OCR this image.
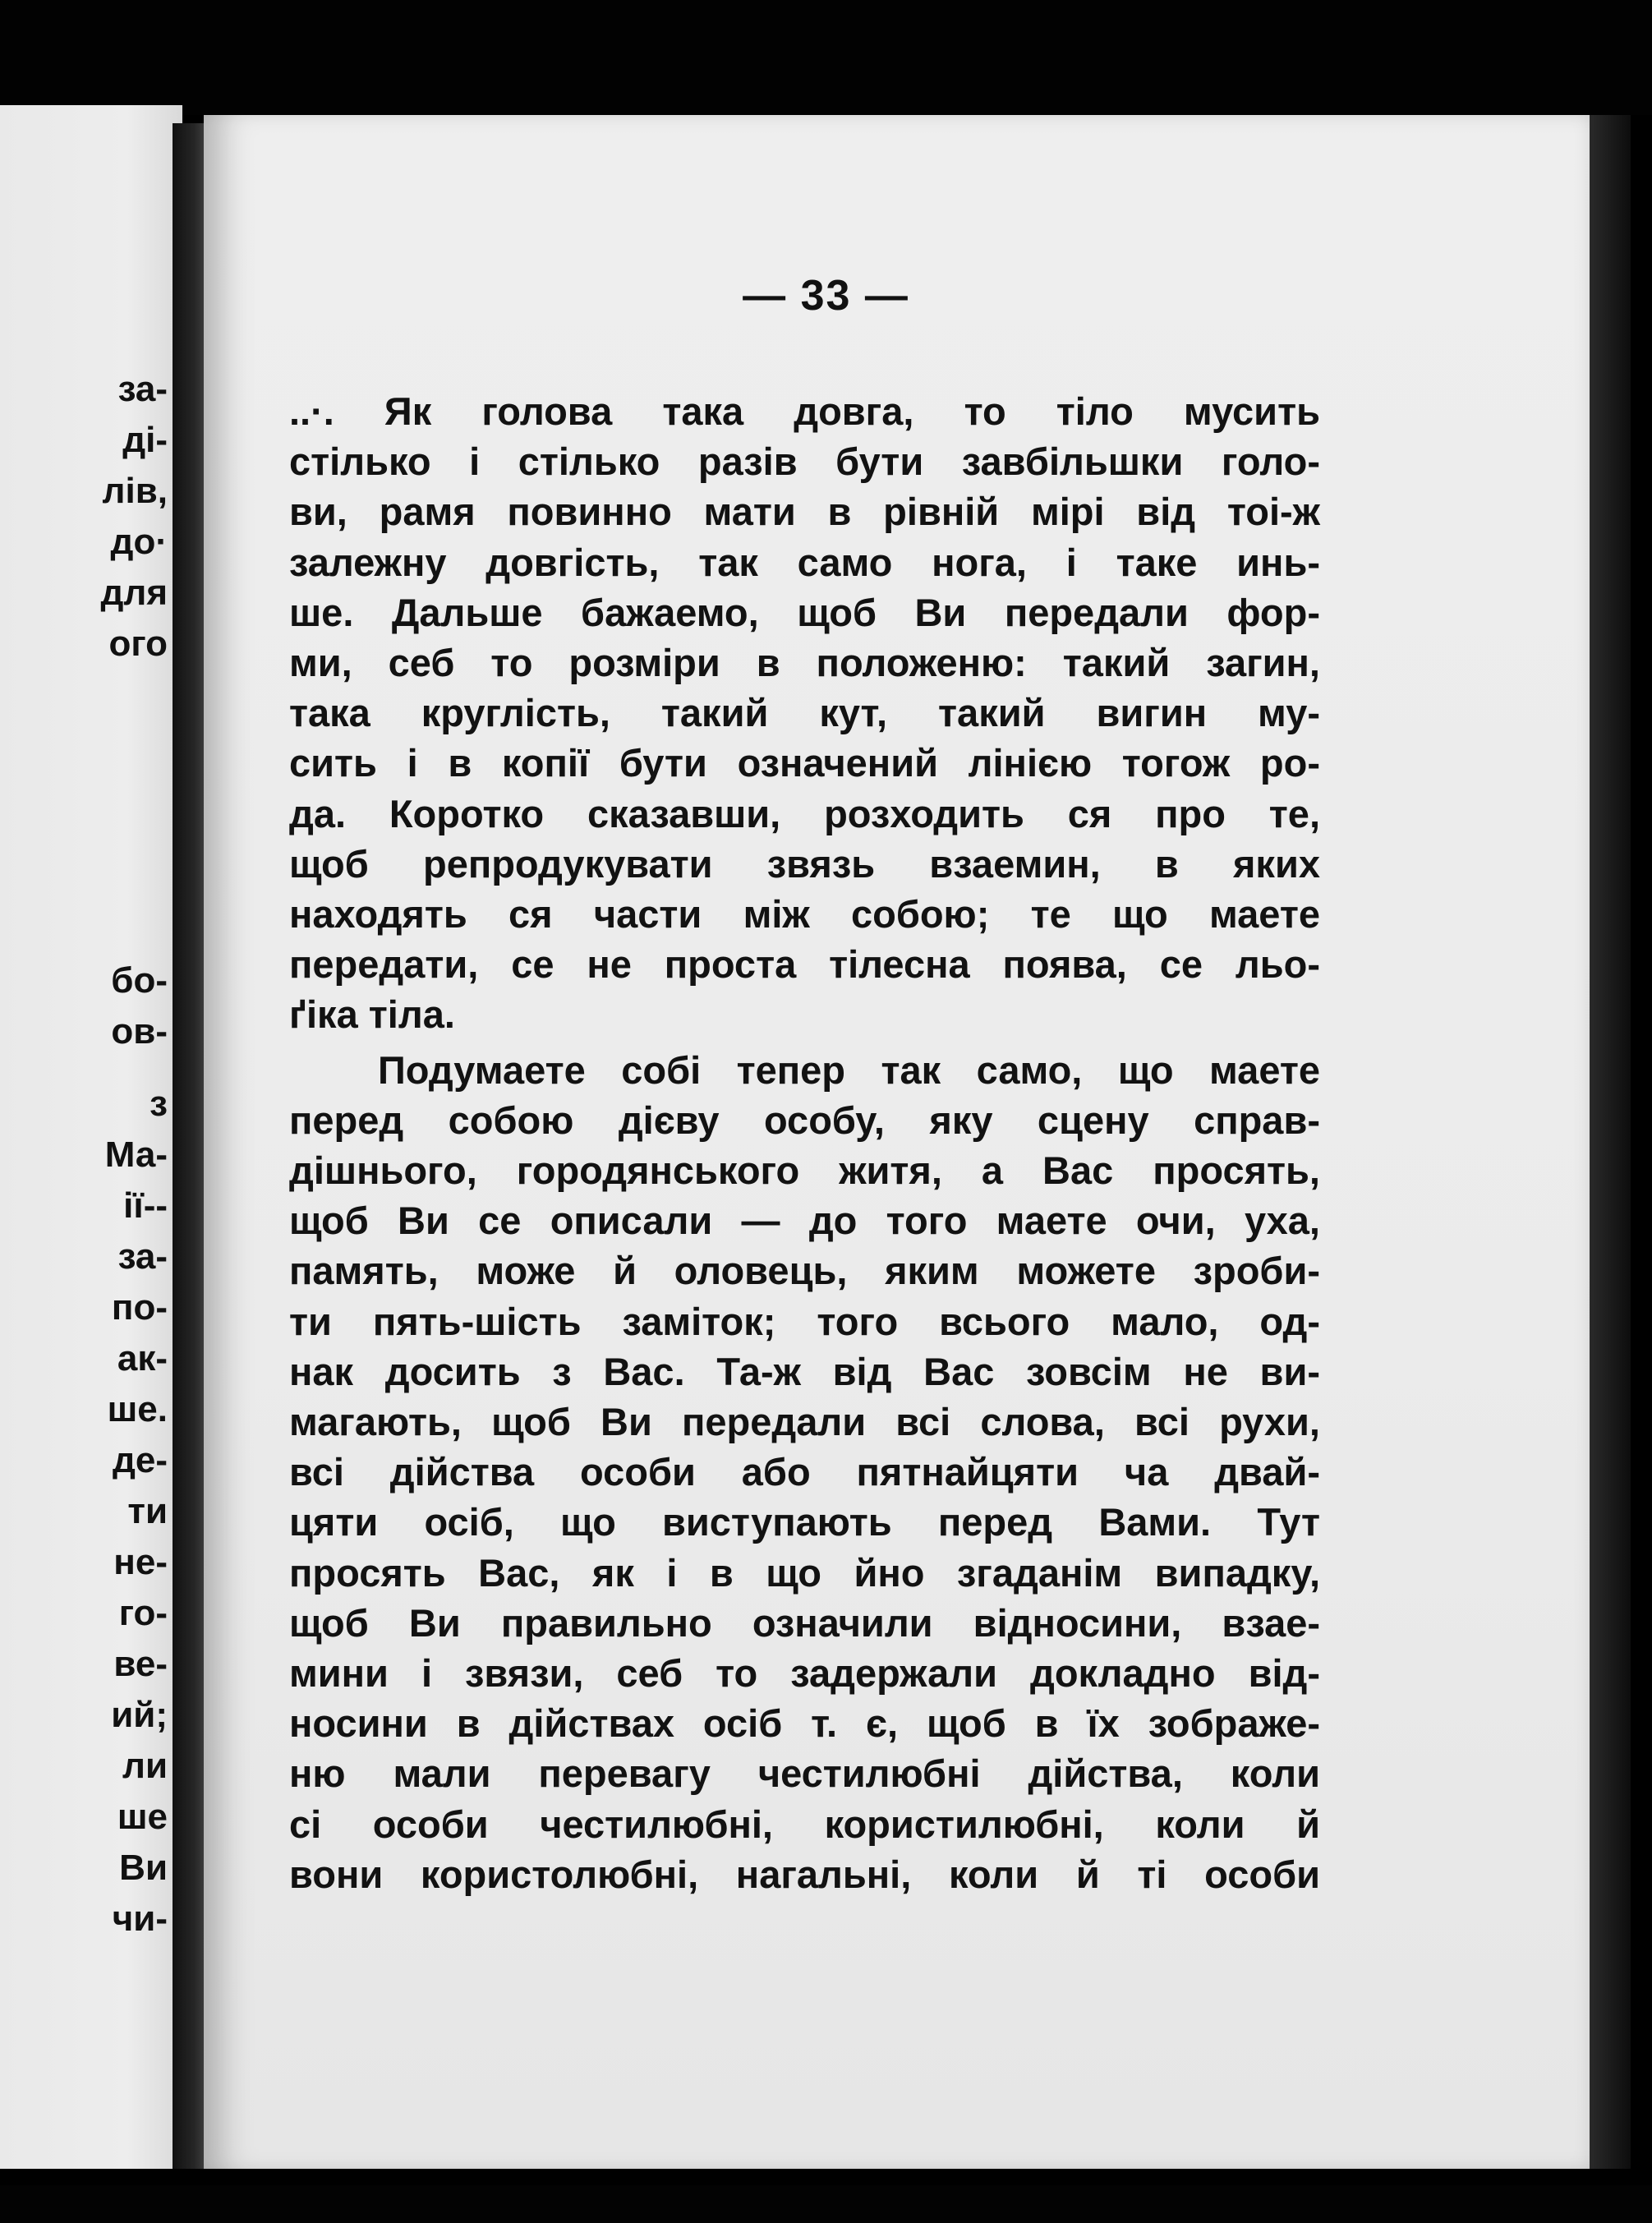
за-
ді-
лів,
до·
для
ого
бо-
ов-
з
Ма-
ії--
за-
по-
ак-
ше.
де-
ти
не-
го-
ве-
ий;
ли
ше
Ви
чи-
— 33 —
..·. Як голова така довга, то тіло мусить
стілько і стілько разів бути завбільшки голо-
ви, рамя повинно мати в рівній мірі від тоі-ж
залежну довгість, так само нога, і таке инь-
ше. Дальше бажаемо, щоб Ви передали фор-
ми, себ то розміри в положеню: такий загин,
така круглість, такий кут, такий вигин му-
сить і в копії бути означений лінією тогож ро-
да. Коротко сказавши, розходить ся про те,
щоб репродукувати звязь взаемин, в яких
находять ся части між собою; те що маете
передати, се не проста тілесна поява, се льо-
ґіка тіла.
Подумаете собі тепер так само, що маете
перед собою дієву особу, яку сцену справ-
дішнього, городянського житя, а Вас просять,
щоб Ви се описали — до того маете очи, уха,
память, може й оловець, яким можете зроби-
ти пять-шість заміток; того всього мало, од-
нак досить з Вас. Та-ж від Вас зовсім не ви-
магають, щоб Ви передали всі слова, всі рухи,
всі дійства особи або пятнайцяти ча двай-
цяти осіб, що виступають перед Вами. Тут
просять Вас, як і в що йно згаданім випадку,
щоб Ви правильно означили відносини, взае-
мини і звязи, себ то задержали докладно від-
носини в дійствах осіб т. є, щоб в їх зображе-
ню мали перевагу честилюбні дійства, коли
сі особи честилюбні, користилюбні, коли й
вони користолюбні, нагальні, коли й ті особи
